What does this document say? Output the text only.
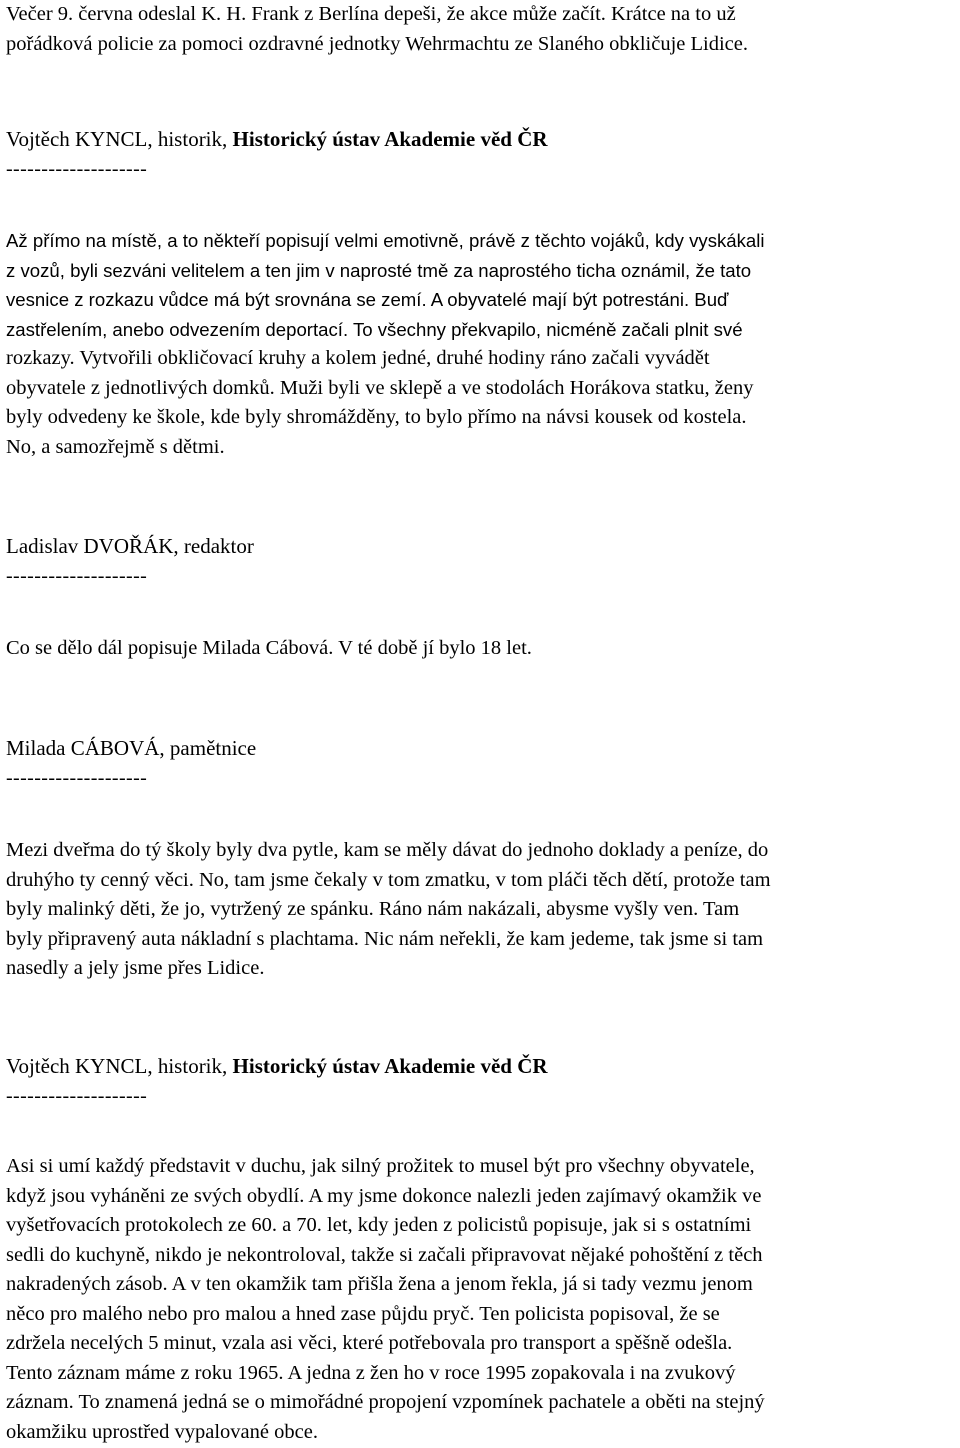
Večer 9. června odeslal K. H. Frank z Berlína depeši, že akce může začít. Krátce na to už

pořádková policie za pomoci ozdravné jednotky Wehrmachtu ze Slaného obkličuje Lidice.

Vojtěch KYNCL, historik, Historický ústav Akademie věd ČR

--------------------

Až přímo na místě, a to někteří popisují velmi emotivně, právě z těchto vojáků, kdy vyskákali

z vozů, byli sezváni velitelem a ten jim v naprosté tmě za naprostého ticha oznámil, že tato

vesnice z rozkazu vůdce má být srovnána se zemí. A obyvatelé mají být potrestáni. Buď

zastřelením, anebo odvezením deportací. To všechny překvapilo, nicméně začali plnit své

rozkazy. Vytvořili obkličovací kruhy a kolem jedné, druhé hodiny ráno začali vyvádět

obyvatele z jednotlivých domků. Muži byli ve sklepě a ve stodolách Horákova statku, ženy

byly odvedeny ke škole, kde byly shromážděny, to bylo přímo na návsi kousek od kostela.

No, a samozřejmě s dětmi.

Ladislav DVOŘÁK, redaktor

--------------------

Co se dělo dál popisuje Milada Cábová. V té době jí bylo 18 let.

Milada CÁBOVÁ, pamětnice

--------------------

Mezi dveřma do tý školy byly dva pytle, kam se měly dávat do jednoho doklady a peníze, do

druhýho ty cenný věci. No, tam jsme čekaly v tom zmatku, v tom pláči těch dětí, protože tam

byly malinký děti, že jo, vytržený ze spánku. Ráno nám nakázali, abysme vyšly ven. Tam

byly připravený auta nákladní s plachtama. Nic nám neřekli, že kam jedeme, tak jsme si tam

nasedly a jely jsme přes Lidice.

Vojtěch KYNCL, historik, Historický ústav Akademie věd ČR

--------------------

Asi si umí každý představit v duchu, jak silný prožitek to musel být pro všechny obyvatele,

když jsou vyháněni ze svých obydlí. A my jsme dokonce nalezli jeden zajímavý okamžik ve

vyšetřovacích protokolech ze 60. a 70. let, kdy jeden z policistů popisuje, jak si s ostatními

sedli do kuchyně, nikdo je nekontroloval, takže si začali připravovat nějaké pohoštění z těch

nakradených zásob. A v ten okamžik tam přišla žena a jenom řekla, já si tady vezmu jenom

něco pro malého nebo pro malou a hned zase půjdu pryč. Ten policista popisoval, že se

zdržela necelých 5 minut, vzala asi věci, které potřebovala pro transport a spěšně odešla.

Tento záznam máme z roku 1965. A jedna z žen ho v roce 1995 zopakovala i na zvukový

záznam. To znamená jedná se o mimořádné propojení vzpomínek pachatele a oběti na stejný

okamžiku uprostřed vypalované obce.
